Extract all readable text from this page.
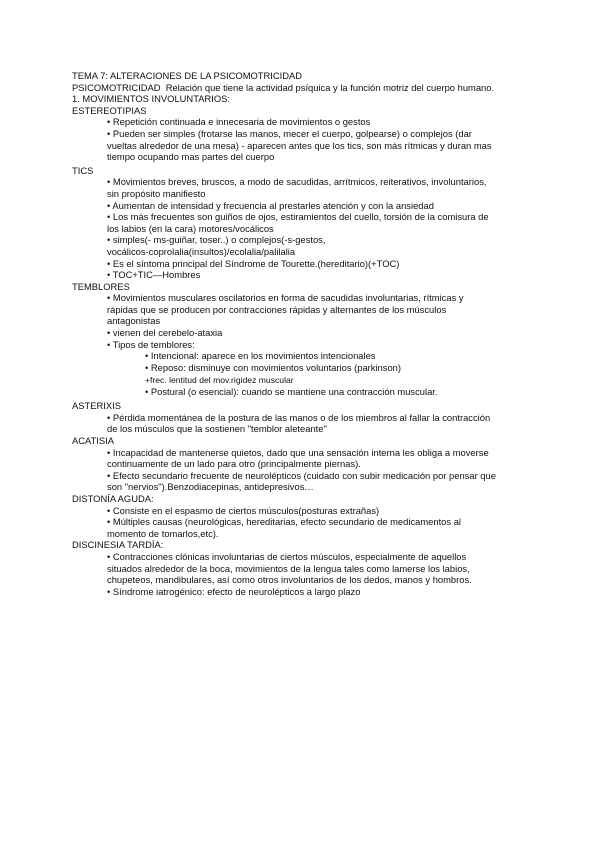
TEMA 7: ALTERACIONES DE LA PSICOMOTRICIDAD
PSICOMOTRICIDAD Relación que tiene la actividad psíquica y la función motriz del cuerpo humano.
1. MOVIMIENTOS INVOLUNTARIOS:
ESTEREOTIPIAS
• Repetición continuada e innecesaria de movimientos o gestos
• Pueden ser simples (frotarse las manos, mecer el cuerpo, golpearse) o complejos (dar
vueltas alrededor de una mesa) - aparecen antes que los tics, son más rítmicas y duran mas
tiempo ocupando mas partes del cuerpo
TICS
• Movimientos breves, bruscos, a modo de sacudidas, arrítmicos, reiterativos, involuntarios,
sin propósito manifiesto
• Aumentan de intensidad y frecuencia al prestarles atención y con la ansiedad
• Los más frecuentes son guiños de ojos, estiramientos del cuello, torsión de la comisura de
los labios (en la cara) motores/vocálicos
• simples(- ms-guiñar, toser..) o complejos(-s-gestos,
vocálicos-coprolalia(insultos)/ecolalia/palilalia
• Es el síntoma principal del Síndrome de Tourette.(hereditario)(+TOC)
• TOC+TIC—Hombres
TEMBLORES
• Movimientos musculares oscilatorios en forma de sacudidas involuntarias, rítmicas y
rápidas que se producen por contracciones rápidas y alternantes de los músculos
antagonistas
• vienen del cerebelo-ataxia
• Tipos de temblores:
• Intencional: aparece en los movimientos intencionales
• Reposo: disminuye con movimientos voluntarios (parkinson)
+frec. lentitud del mov.rigidez muscular
• Postural (o esencial): cuando se mantiene una contracción muscular.
ASTERIXIS
• Pérdida momentánea de la postura de las manos o de los miembros al fallar la contracción
de los músculos que la sostienen "temblor aleteante"
ACATISIA
• Incapacidad de mantenerse quietos, dado que una sensación interna les obliga a moverse
continuamente de un lado para otro (principalmente piernas).
• Efecto secundario frecuente de neurolépticos (cuidado con subir medicación por pensar que
son "nervios").Benzodiacepinas, antidepresivos…
DISTONÍA AGUDA:
• Consiste en el espasmo de ciertos músculos(posturas extrañas)
• Múltiples causas (neurológicas, hereditarias, efecto secundario de medicamentos al
momento de tomarlos,etc).
DISCINESIA TARDÍA:
• Contracciones clónicas involuntarias de ciertos músculos, especialmente de aquellos
situados alrededor de la boca, movimientos de la lengua tales como lamerse los labios,
chupeteos, mandibulares, así como otros involuntarios de los dedos, manos y hombros.
• Síndrome iatrogénico: efecto de neurolépticos a largo plazo
